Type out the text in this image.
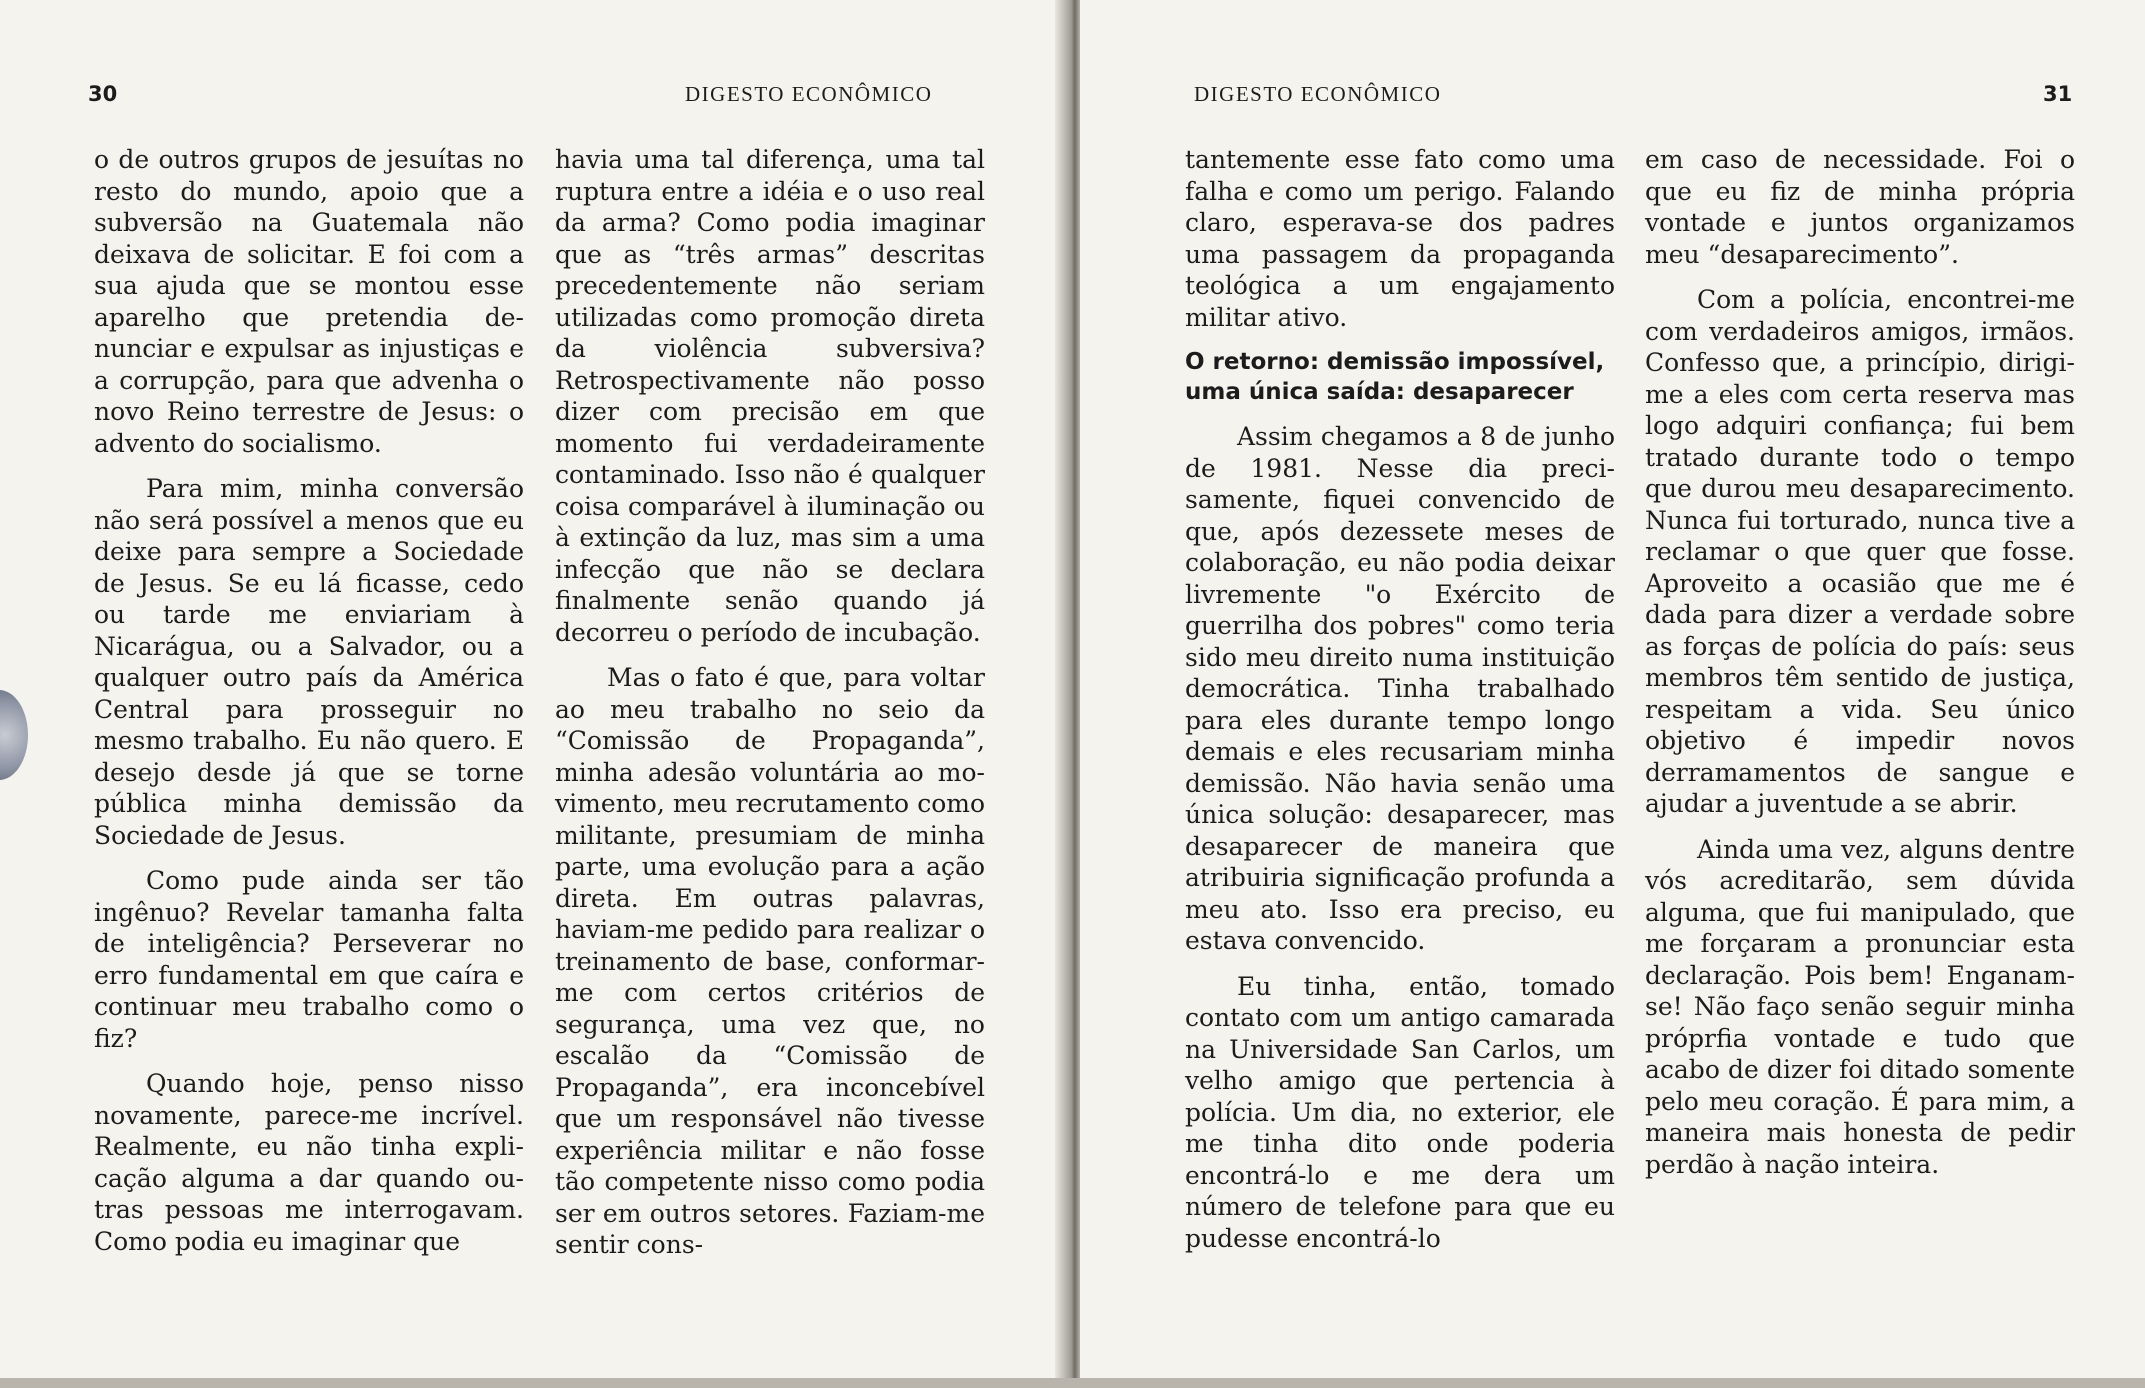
30	DIGESTO ECONÔMICO

o de outros grupos de jesuítas no resto do mundo, apoio que a subversão na Guatemala não deixava de solicitar. E foi com a sua ajuda que se montou esse aparelho que pretendia denunciar e expulsar as injustiças e a corrupção, para que advenha o novo Reino terrestre de Jesus: o advento do socialismo.

Para mim, minha conversão não será possível a menos que eu deixe para sempre a Sociedade de Jesus. Se eu lá ficasse, cedo ou tarde me enviariam à Nicarágua, ou a Salvador, ou a qualquer outro país da América Central para prosseguir no mesmo trabalho. Eu não quero. E desejo desde já que se torne pública minha demissão da Sociedade de Jesus.

Como pude ainda ser tão ingênuo? Revelar tamanha falta de inteligência? Perseverar no erro fundamental em que caíra e continuar meu trabalho como o fiz?

Quando hoje, penso nisso novamente, parece-me incrível. Realmente, eu não tinha explicação alguma a dar quando outras pessoas me interrogavam. Como podia eu imaginar que

havia uma tal diferença, uma tal ruptura entre a idéia e o uso real da arma? Como podia imaginar que as “três armas” descritas precedentemente não seriam utilizadas como promoção direta da violência subversiva? Retrospectivamente não posso dizer com precisão em que momento fui verdadeiramente contaminado. Isso não é qualquer coisa comparável à iluminação ou à extinção da luz, mas sim a uma infecção que não se declara finalmente senão quando já decorreu o período de incubação.

Mas o fato é que, para voltar ao meu trabalho no seio da “Comissão de Propaganda”, minha adesão voluntária ao movimento, meu recrutamento como militante, presumiam de minha parte, uma evolução para a ação direta. Em outras palavras, haviam-me pedido para realizar o treinamento de base, conformar-me com certos critérios de segurança, uma vez que, no escalão da “Comissão de Propaganda”, era inconcebível que um responsável não tivesse experiência militar e não fosse tão competente nisso como podia ser em outros setores. Faziam-me sentir cons-

DIGESTO ECONÔMICO	31

tantemente esse fato como uma falha e como um perigo. Falando claro, esperava-se dos padres uma passagem da propaganda teológica a um engajamento militar ativo.

O retorno: demissão impossível, uma única saída: desaparecer

Assim chegamos a 8 de junho de 1981. Nesse dia precisamente, fiquei convencido de que, após dezessete meses de colaboração, eu não podia deixar livremente "o Exército de guerrilha dos pobres" como teria sido meu direito numa instituição democrática. Tinha trabalhado para eles durante tempo longo demais e eles recusariam minha demissão. Não havia senão uma única solução: desaparecer, mas desaparecer de maneira que atribuiria significação profunda a meu ato. Isso era preciso, eu estava convencido.

Eu tinha, então, tomado contato com um antigo camarada na Universidade San Carlos, um velho amigo que pertencia à polícia. Um dia, no exterior, ele me tinha dito onde poderia encontrá-lo e me dera um número de telefone para que eu pudesse encontrá-lo

em caso de necessidade. Foi o que eu fiz de minha própria vontade e juntos organizamos meu “desaparecimento”.

Com a polícia, encontrei-me com verdadeiros amigos, irmãos. Confesso que, a princípio, dirigi-me a eles com certa reserva mas logo adquiri confiança; fui bem tratado durante todo o tempo que durou meu desaparecimento. Nunca fui torturado, nunca tive a reclamar o que quer que fosse. Aproveito a ocasião que me é dada para dizer a verdade sobre as forças de polícia do país: seus membros têm sentido de justiça, respeitam a vida. Seu único objetivo é impedir novos derramamentos de sangue e ajudar a juventude a se abrir.

Ainda uma vez, alguns dentre vós acreditarão, sem dúvida alguma, que fui manipulado, que me forçaram a pronunciar esta declaração. Pois bem! Enganam-se! Não faço senão seguir minha próprfia vontade e tudo que acabo de dizer foi ditado somente pelo meu coração. É para mim, a maneira mais honesta de pedir perdão à nação inteira.
